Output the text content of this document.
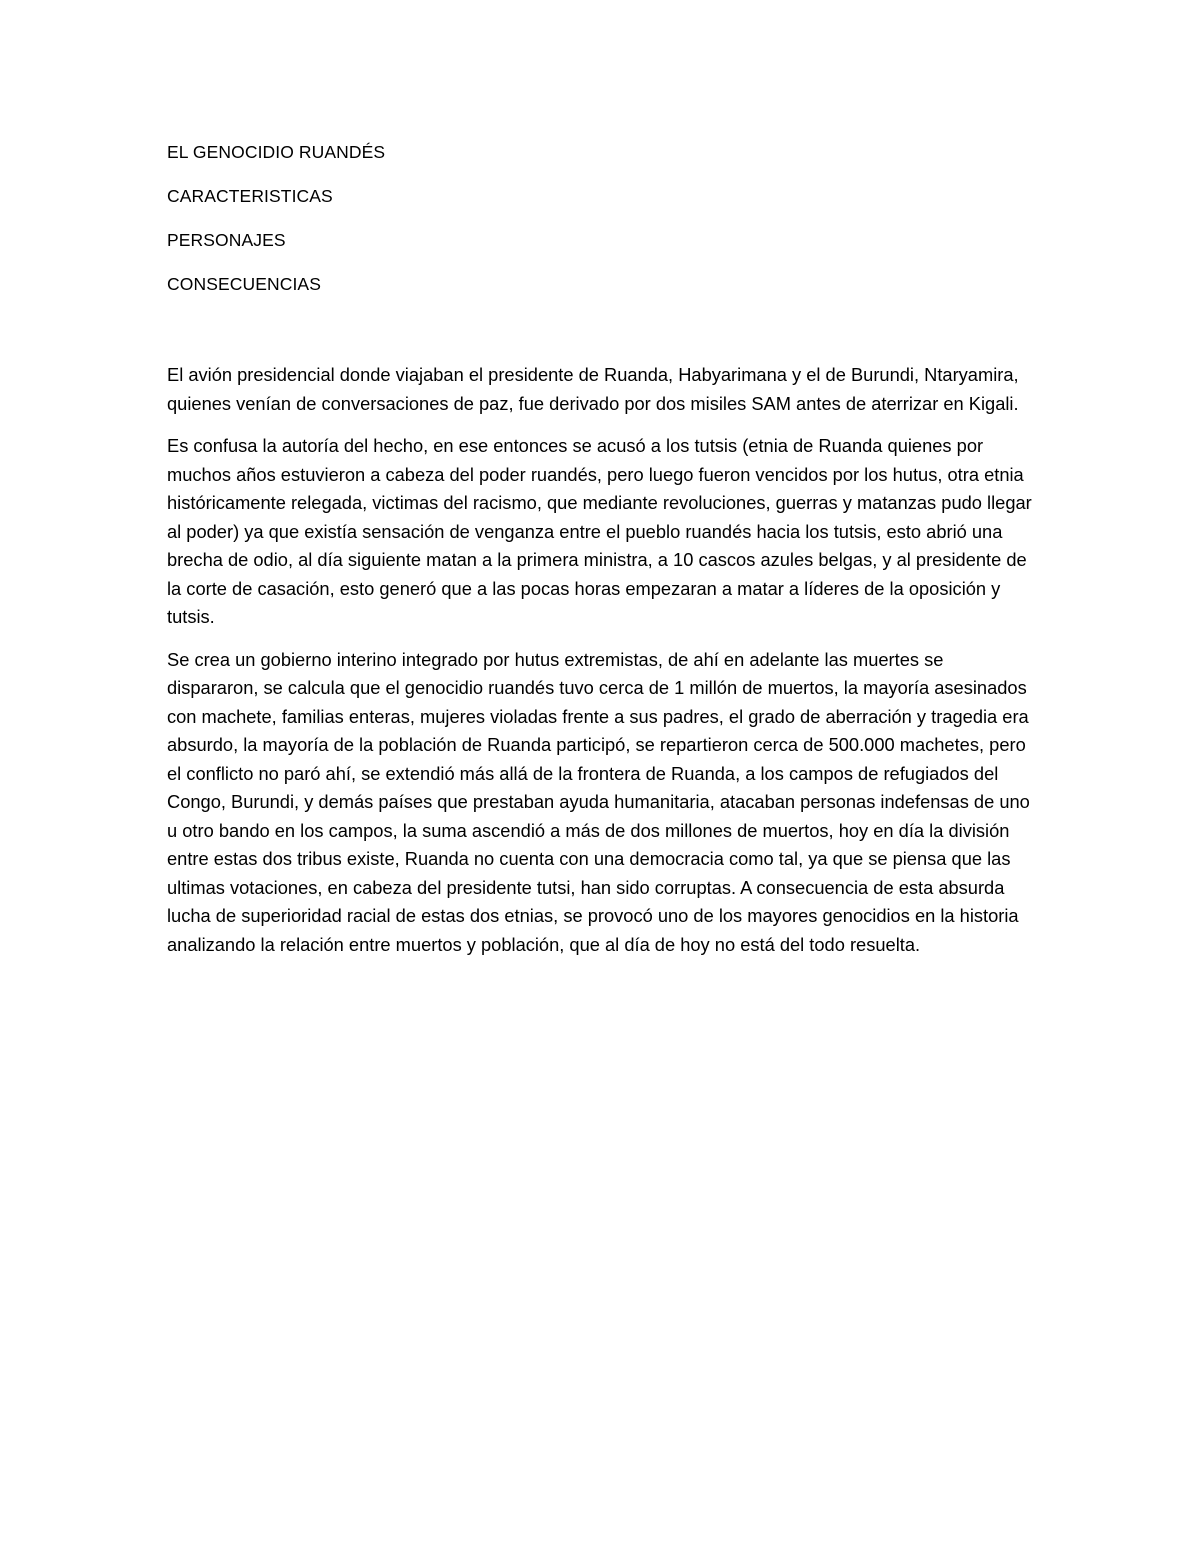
EL GENOCIDIO RUANDÉS

CARACTERISTICAS

PERSONAJES

CONSECUENCIAS

El avión presidencial donde viajaban el presidente de Ruanda, Habyarimana y el de Burundi, Ntaryamira, quienes venían de conversaciones de paz, fue derivado por dos misiles SAM antes de aterrizar en Kigali.

Es confusa la autoría del hecho, en ese entonces se acusó a los tutsis (etnia de Ruanda quienes por muchos años estuvieron a cabeza del poder ruandés, pero luego fueron vencidos por los hutus, otra etnia históricamente relegada, victimas del racismo, que mediante revoluciones, guerras y matanzas pudo llegar al poder) ya que existía sensación de venganza entre el pueblo ruandés hacia los tutsis, esto abrió una brecha de odio, al día siguiente matan a la primera ministra, a 10 cascos azules belgas, y al presidente de la corte de casación, esto generó que a las pocas horas empezaran a matar a líderes de la oposición y tutsis.

Se crea un gobierno interino integrado por hutus extremistas, de ahí en adelante las muertes se dispararon, se calcula que el genocidio ruandés tuvo cerca de 1 millón de muertos, la mayoría asesinados con machete, familias enteras, mujeres violadas frente a sus padres, el grado de aberración y tragedia era absurdo, la mayoría de la población de Ruanda participó, se repartieron cerca de 500.000 machetes, pero el conflicto no paró ahí, se extendió más allá de la frontera de Ruanda, a los campos de refugiados del Congo, Burundi, y demás países que prestaban ayuda humanitaria, atacaban personas indefensas de uno u otro bando en los campos, la suma ascendió a más de dos millones de muertos, hoy en día la división entre estas dos tribus existe, Ruanda no cuenta con una democracia como tal, ya que se piensa que las ultimas votaciones, en cabeza del presidente tutsi, han sido corruptas. A consecuencia de esta absurda lucha de superioridad racial de estas dos etnias, se provocó uno de los mayores genocidios en la historia analizando la relación entre muertos y población, que al día de hoy no está del todo resuelta.
